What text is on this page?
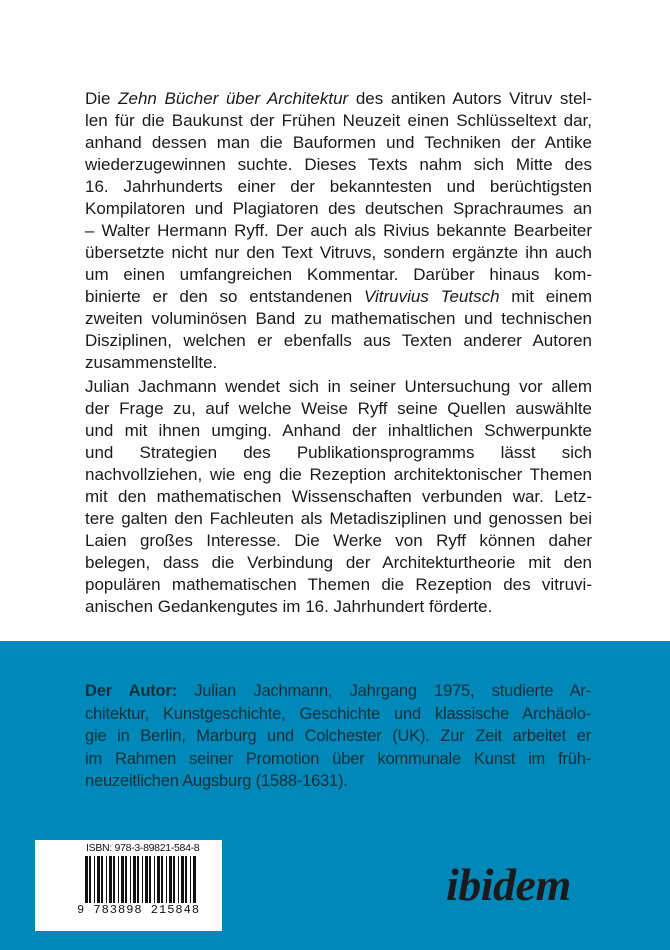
Die Zehn Bücher über Architektur des antiken Autors Vitruv stel-
len für die Baukunst der Frühen Neuzeit einen Schlüsseltext dar,
anhand dessen man die Bauformen und Techniken der Antike
wiederzugewinnen suchte. Dieses Texts nahm sich Mitte des
16. Jahrhunderts einer der bekanntesten und berüchtigsten
Kompilatoren und Plagiatoren des deutschen Sprachraumes an
– Walter Hermann Ryff. Der auch als Rivius bekannte Bearbeiter
übersetzte nicht nur den Text Vitruvs, sondern ergänzte ihn auch
um einen umfangreichen Kommentar. Darüber hinaus kom-
binierte er den so entstandenen Vitruvius Teutsch mit einem
zweiten voluminösen Band zu mathematischen und technischen
Disziplinen, welchen er ebenfalls aus Texten anderer Autoren
zusammenstellte.
Julian Jachmann wendet sich in seiner Untersuchung vor allem
der Frage zu, auf welche Weise Ryff seine Quellen auswählte
und mit ihnen umging. Anhand der inhaltlichen Schwerpunkte
und Strategien des Publikationsprogramms lässt sich
nachvollziehen, wie eng die Rezeption architektonischer Themen
mit den mathematischen Wissenschaften verbunden war. Letz-
tere galten den Fachleuten als Metadisziplinen und genossen bei
Laien großes Interesse. Die Werke von Ryff können daher
belegen, dass die Verbindung der Architekturtheorie mit den
populären mathematischen Themen die Rezeption des vitruvi-
anischen Gedankengutes im 16. Jahrhundert förderte.
Der Autor: Julian Jachmann, Jahrgang 1975, studierte Ar-
chitektur, Kunstgeschichte, Geschichte und klassische Archäolo-
gie in Berlin, Marburg und Colchester (UK). Zur Zeit arbeitet er
im Rahmen seiner Promotion über kommunale Kunst im früh-
neuzeitlichen Augsburg (1588-1631).
ISBN: 978-3-89821-584-8
9 783898 215848	ibidem
